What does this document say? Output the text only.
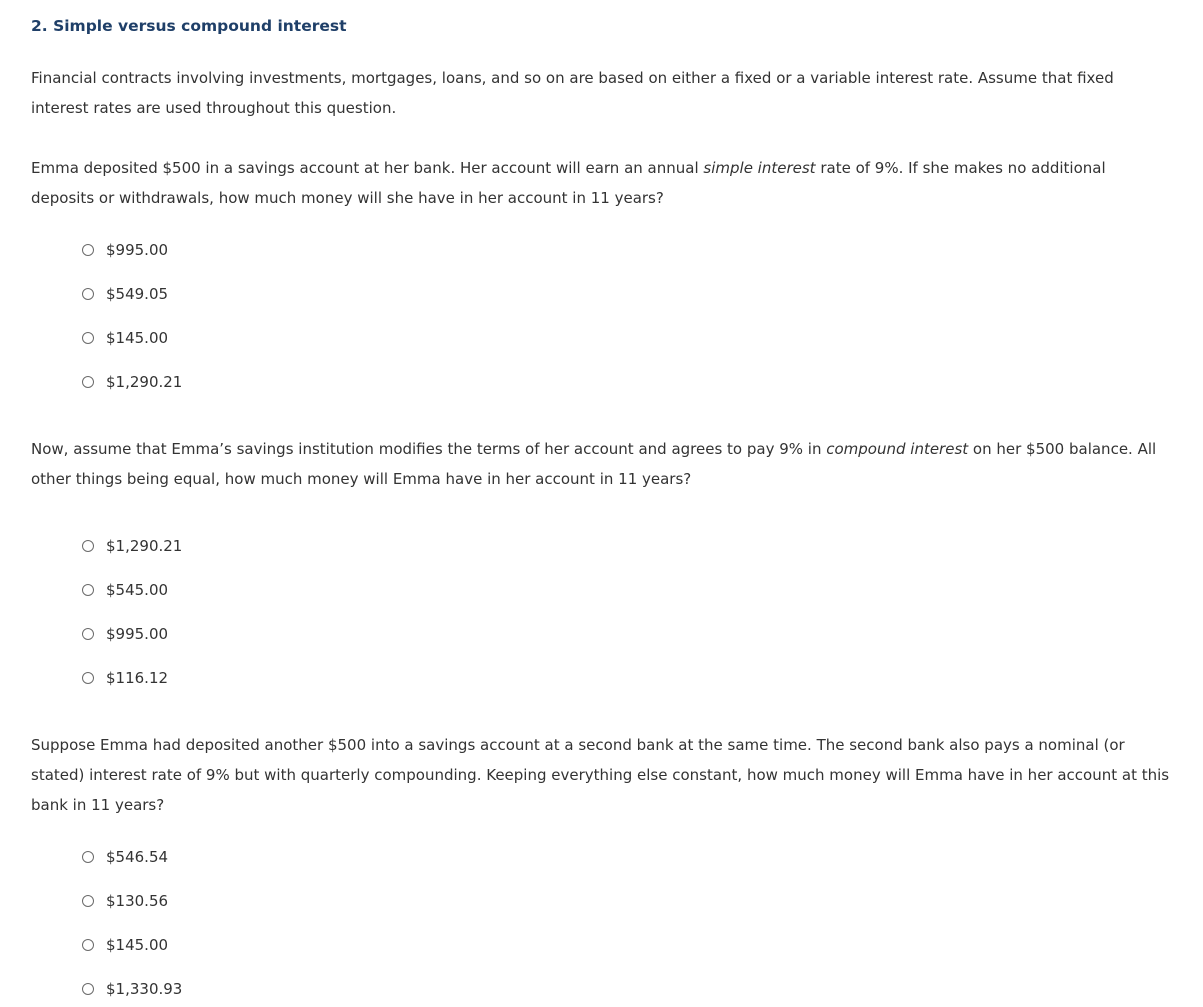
2. Simple versus compound interest

Financial contracts involving investments, mortgages, loans, and so on are based on either a fixed or a variable interest rate. Assume that fixed interest rates are used throughout this question.

Emma deposited $500 in a savings account at her bank. Her account will earn an annual simple interest rate of 9%. If she makes no additional deposits or withdrawals, how much money will she have in her account in 11 years?

$995.00
$549.05
$145.00
$1,290.21

Now, assume that Emma’s savings institution modifies the terms of her account and agrees to pay 9% in compound interest on her $500 balance. All other things being equal, how much money will Emma have in her account in 11 years?

$1,290.21
$545.00
$995.00
$116.12

Suppose Emma had deposited another $500 into a savings account at a second bank at the same time. The second bank also pays a nominal (or stated) interest rate of 9% but with quarterly compounding. Keeping everything else constant, how much money will Emma have in her account at this bank in 11 years?

$546.54
$130.56
$145.00
$1,330.93
